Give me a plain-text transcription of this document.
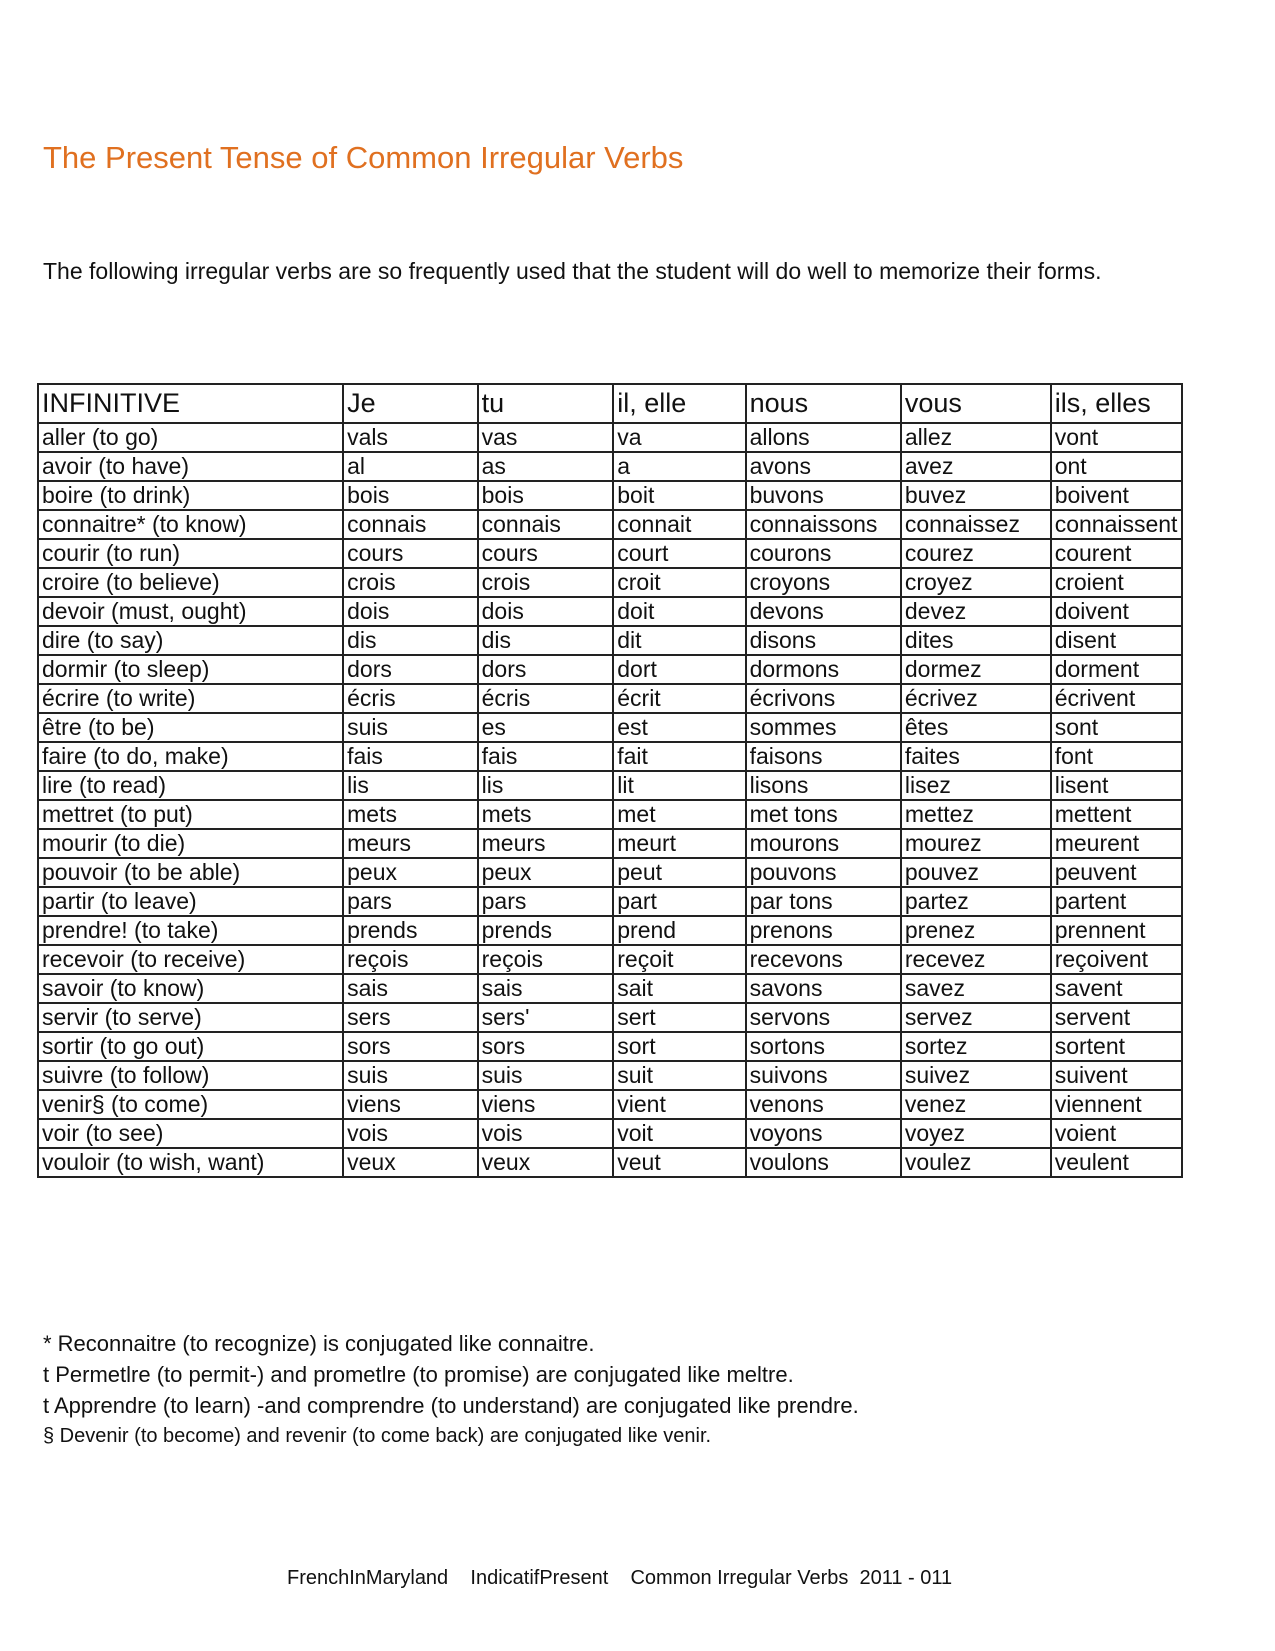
The Present Tense of Common Irregular Verbs

The following irregular verbs are so frequently used that the student will do well to memorize their forms.

INFINITIVE	Je	tu	il, elle	nous	vous	ils, elles
aller (to go)	vals	vas	va	allons	allez	vont
avoir (to have)	al	as	a	avons	avez	ont
boire (to drink)	bois	bois	boit	buvons	buvez	boivent
connaitre* (to know)	connais	connais	connait	connaissons	connaissez	connaissent
courir (to run)	cours	cours	court	courons	courez	courent
croire (to believe)	crois	crois	croit	croyons	croyez	croient
devoir (must, ought)	dois	dois	doit	devons	devez	doivent
dire (to say)	dis	dis	dit	disons	dites	disent
dormir (to sleep)	dors	dors	dort	dormons	dormez	dorment
écrire (to write)	écris	écris	écrit	écrivons	écrivez	écrivent
être (to be)	suis	es	est	sommes	êtes	sont
faire (to do, make)	fais	fais	fait	faisons	faites	font
lire (to read)	lis	lis	lit	lisons	lisez	lisent
mettret (to put)	mets	mets	met	met tons	mettez	mettent
mourir (to die)	meurs	meurs	meurt	mourons	mourez	meurent
pouvoir (to be able)	peux	peux	peut	pouvons	pouvez	peuvent
partir (to leave)	pars	pars	part	par tons	partez	partent
prendre! (to take)	prends	prends	prend	prenons	prenez	prennent
recevoir (to receive)	reçois	reçois	reçoit	recevons	recevez	reçoivent
savoir (to know)	sais	sais	sait	savons	savez	savent
servir (to serve)	sers	sers'	sert	servons	servez	servent
sortir (to go out)	sors	sors	sort	sortons	sortez	sortent
suivre (to follow)	suis	suis	suit	suivons	suivez	suivent
venir§ (to come)	viens	viens	vient	venons	venez	viennent
voir (to see)	vois	vois	voit	voyons	voyez	voient
vouloir (to wish, want)	veux	veux	veut	voulons	voulez	veulent
* Reconnaitre (to recognize) is conjugated like connaitre.
t Permetlre (to permit-) and prometlre (to promise) are conjugated like meltre.
t Apprendre (to learn) -and comprendre (to understand) are conjugated like prendre.
§ Devenir (to become) and revenir (to come back) are conjugated like venir.
FrenchInMaryland    IndicatifPresent    Common Irregular Verbs  2011 - 011
